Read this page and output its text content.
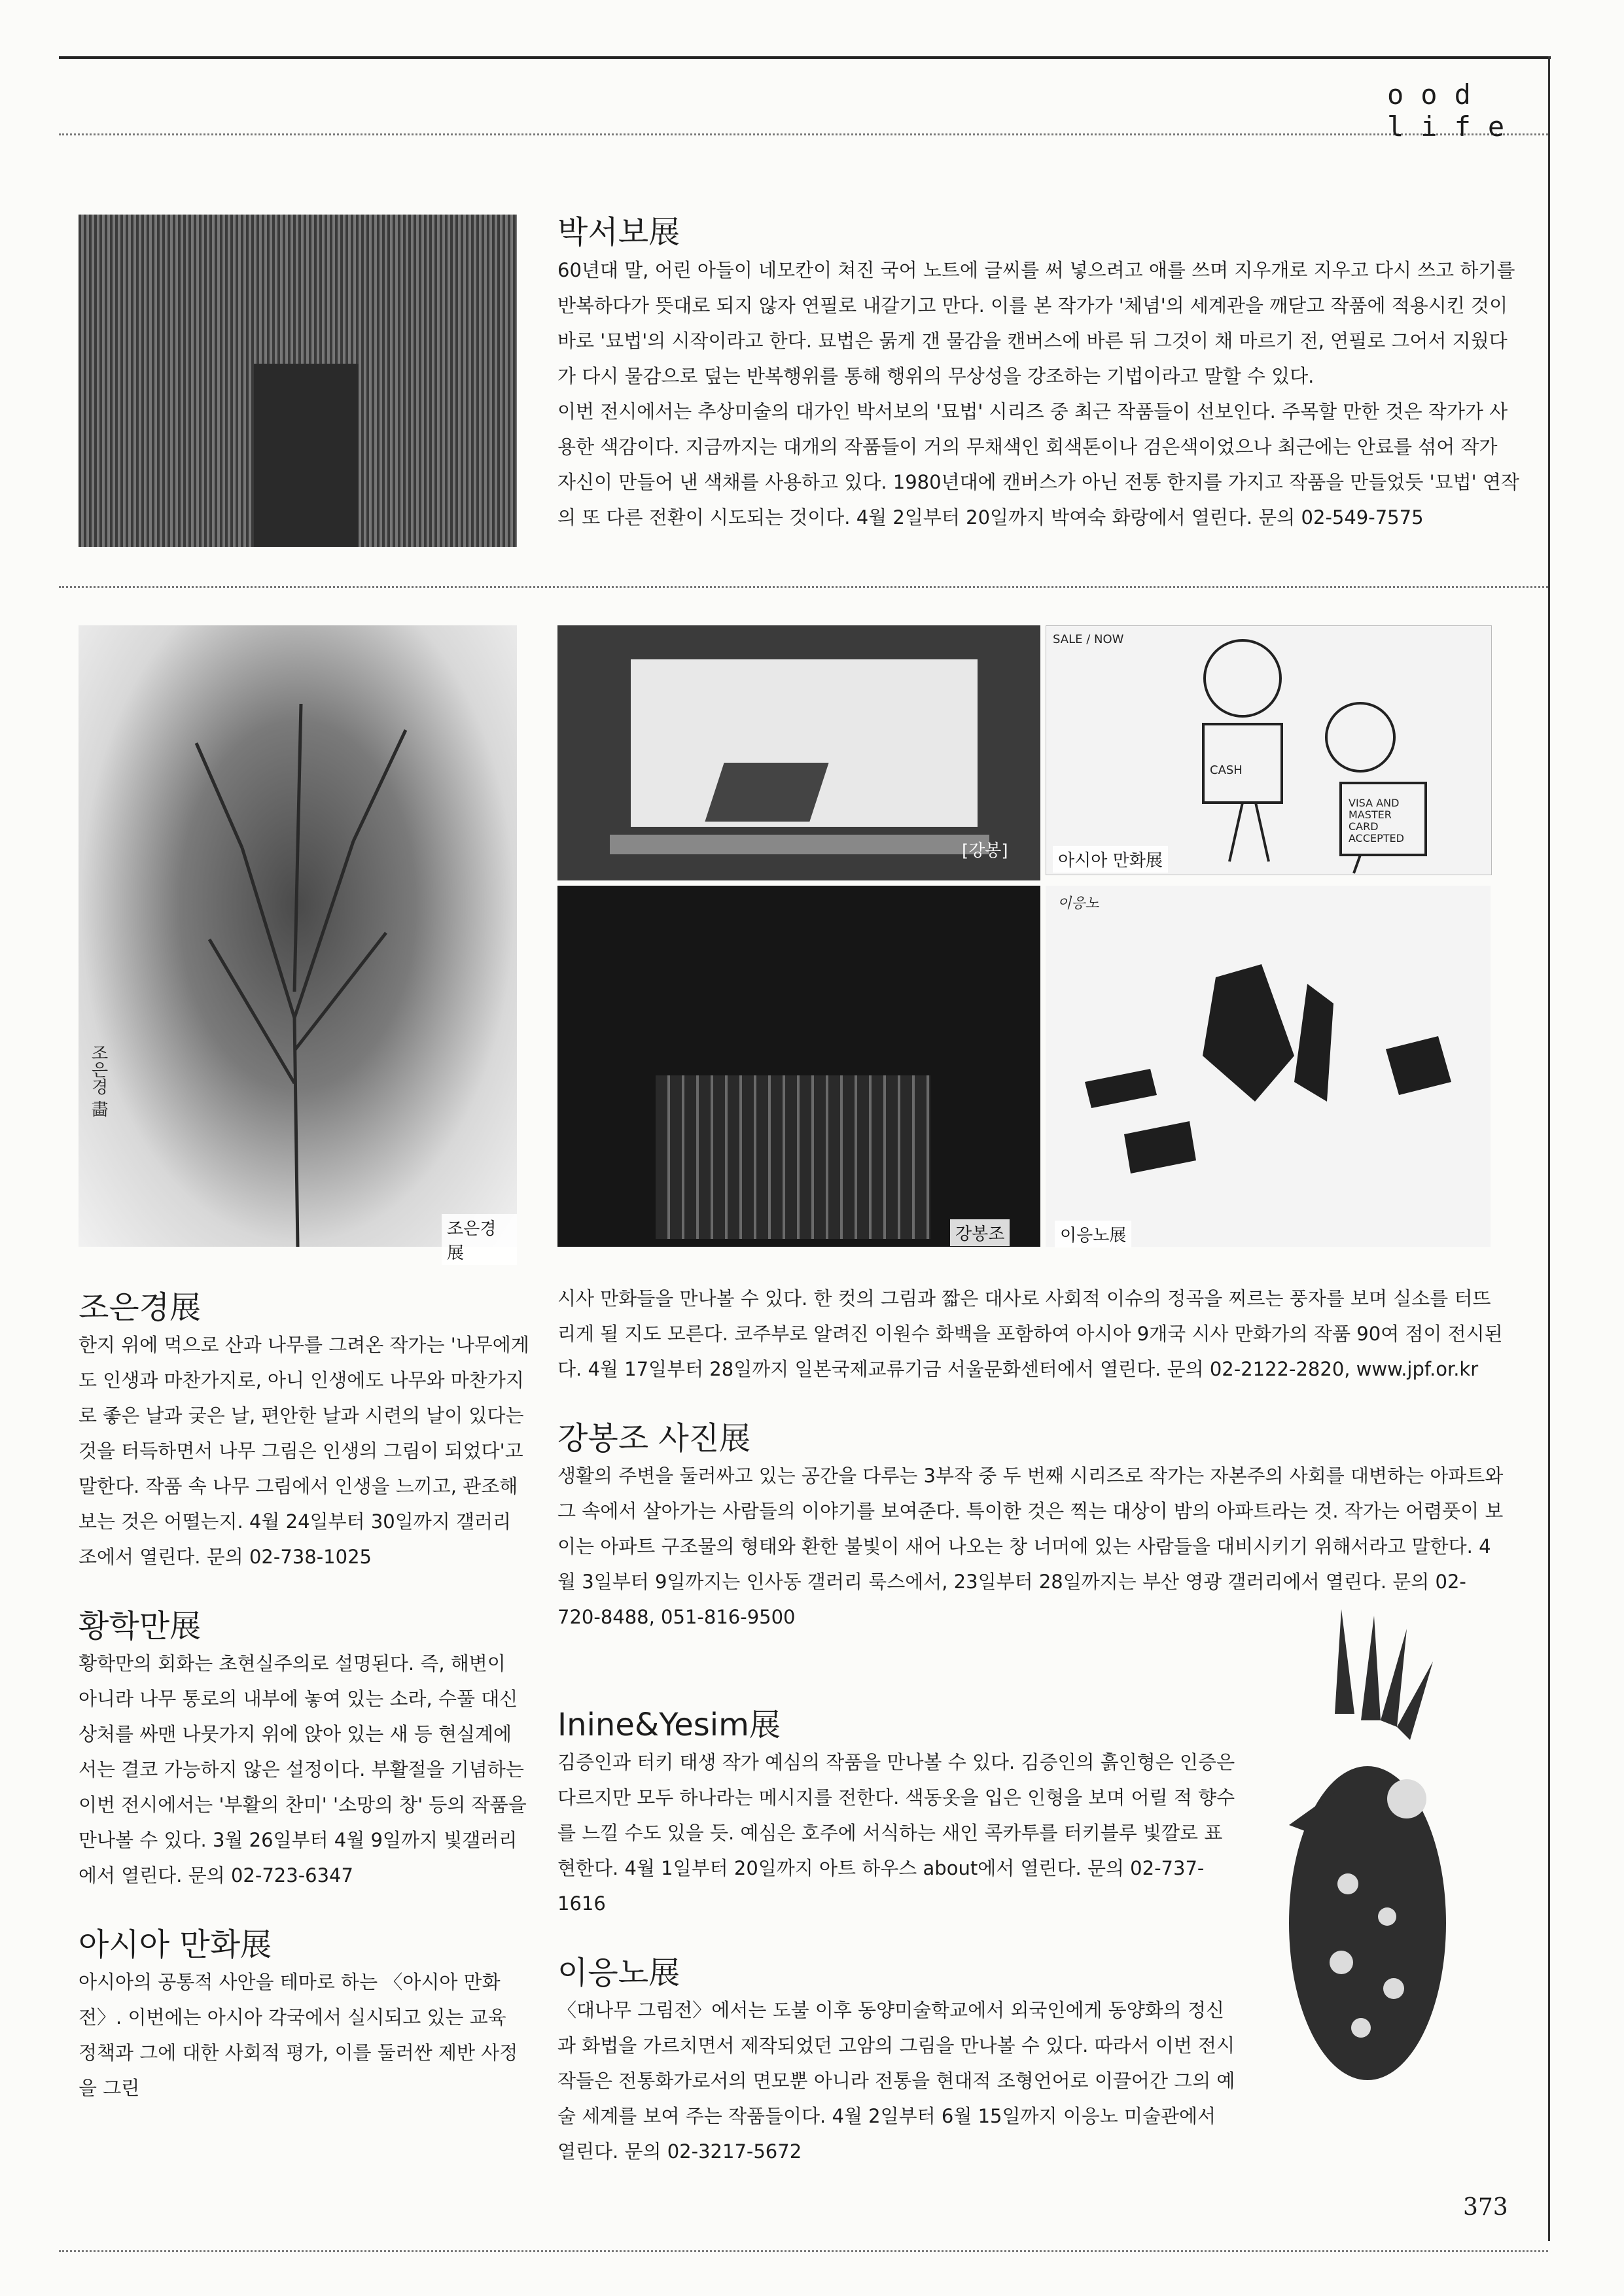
ood life
박서보展

60년대 말, 어린 아들이 네모칸이 쳐진 국어 노트에 글씨를 써 넣으려고 애를 쓰며 지우개로 지우고 다시 쓰고 하기를 반복하다가 뜻대로 되지 않자 연필로 내갈기고 만다. 이를 본 작가가 '체념'의 세계관을 깨닫고 작품에 적용시킨 것이 바로 '묘법'의 시작이라고 한다. 묘법은 묽게 갠 물감을 캔버스에 바른 뒤 그것이 채 마르기 전, 연필로 그어서 지웠다가 다시 물감으로 덮는 반복행위를 통해 행위의 무상성을 강조하는 기법이라고 말할 수 있다.

이번 전시에서는 추상미술의 대가인 박서보의 '묘법' 시리즈 중 최근 작품들이 선보인다. 주목할 만한 것은 작가가 사용한 색감이다. 지금까지는 대개의 작품들이 거의 무채색인 회색톤이나 검은색이었으나 최근에는 안료를 섞어 작가 자신이 만들어 낸 색채를 사용하고 있다. 1980년대에 캔버스가 아닌 전통 한지를 가지고 작품을 만들었듯 '묘법' 연작의 또 다른 전환이 시도되는 것이다. 4월 2일부터 20일까지 박여숙 화랑에서 열린다. 문의 02-549-7575

조은경 畵
조은경展
[강봉]
강봉조
SALE / NOW
CASH
VISA AND MASTER CARD ACCEPTED
아시아 만화展
이응노
이응노展
조은경展

한지 위에 먹으로 산과 나무를 그려온 작가는 '나무에게도 인생과 마찬가지로, 아니 인생에도 나무와 마찬가지로 좋은 날과 궂은 날, 편안한 날과 시련의 날이 있다는 것을 터득하면서 나무 그림은 인생의 그림이 되었다'고 말한다. 작품 속 나무 그림에서 인생을 느끼고, 관조해 보는 것은 어떨는지. 4월 24일부터 30일까지 갤러리 조에서 열린다. 문의 02-738-1025

황학만展

황학만의 회화는 초현실주의로 설명된다. 즉, 해변이 아니라 나무 통로의 내부에 놓여 있는 소라, 수풀 대신 상처를 싸맨 나뭇가지 위에 앉아 있는 새 등 현실계에서는 결코 가능하지 않은 설정이다. 부활절을 기념하는 이번 전시에서는 '부활의 찬미' '소망의 창' 등의 작품을 만나볼 수 있다. 3월 26일부터 4월 9일까지 빛갤러리에서 열린다. 문의 02-723-6347

아시아 만화展

아시아의 공통적 사안을 테마로 하는 〈아시아 만화전〉. 이번에는 아시아 각국에서 실시되고 있는 교육 정책과 그에 대한 사회적 평가, 이를 둘러싼 제반 사정을 그린

시사 만화들을 만나볼 수 있다. 한 컷의 그림과 짧은 대사로 사회적 이슈의 정곡을 찌르는 풍자를 보며 실소를 터뜨리게 될 지도 모른다. 코주부로 알려진 이원수 화백을 포함하여 아시아 9개국 시사 만화가의 작품 90여 점이 전시된다. 4월 17일부터 28일까지 일본국제교류기금 서울문화센터에서 열린다. 문의 02-2122-2820, www.jpf.or.kr

강봉조 사진展

생활의 주변을 둘러싸고 있는 공간을 다루는 3부작 중 두 번째 시리즈로 작가는 자본주의 사회를 대변하는 아파트와 그 속에서 살아가는 사람들의 이야기를 보여준다. 특이한 것은 찍는 대상이 밤의 아파트라는 것. 작가는 어렴풋이 보이는 아파트 구조물의 형태와 환한 불빛이 새어 나오는 창 너머에 있는 사람들을 대비시키기 위해서라고 말한다. 4월 3일부터 9일까지는 인사동 갤러리 룩스에서, 23일부터 28일까지는 부산 영광 갤러리에서 열린다. 문의 02-720-8488, 051-816-9500

Inine&Yesim展

김증인과 터키 태생 작가 예심의 작품을 만나볼 수 있다. 김증인의 흙인형은 인증은 다르지만 모두 하나라는 메시지를 전한다. 색동옷을 입은 인형을 보며 어릴 적 향수를 느낄 수도 있을 듯. 예심은 호주에 서식하는 새인 콕카투를 터키블루 빛깔로 표현한다. 4월 1일부터 20일까지 아트 하우스 about에서 열린다. 문의 02-737-1616

이응노展

〈대나무 그림전〉에서는 도불 이후 동양미술학교에서 외국인에게 동양화의 정신과 화법을 가르치면서 제작되었던 고암의 그림을 만나볼 수 있다. 따라서 이번 전시작들은 전통화가로서의 면모뿐 아니라 전통을 현대적 조형언어로 이끌어간 그의 예술 세계를 보여 주는 작품들이다. 4월 2일부터 6월 15일까지 이응노 미술관에서 열린다. 문의 02-3217-5672

373
